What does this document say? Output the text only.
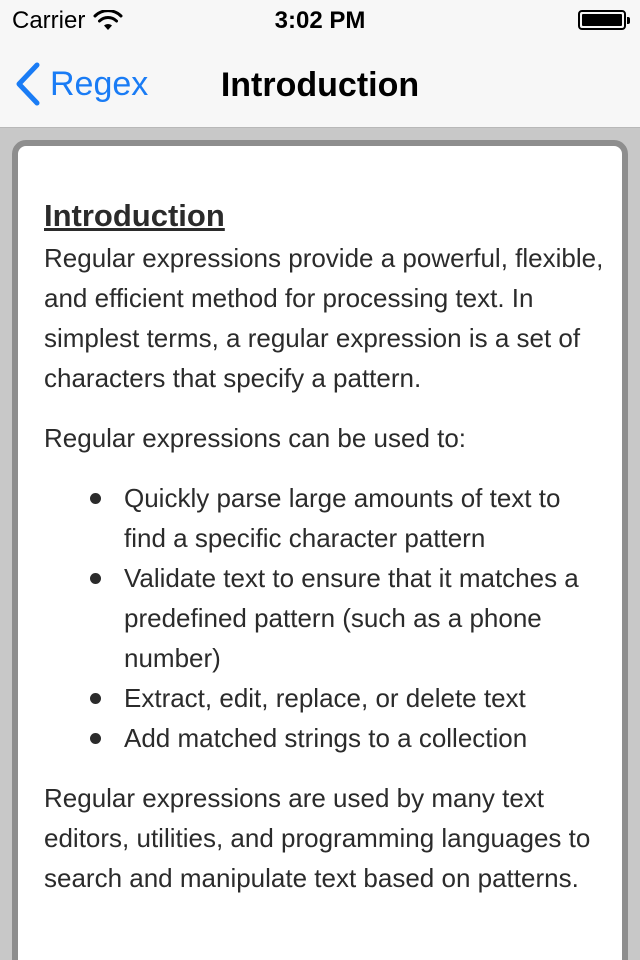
Carrier	3:02 PM
Regex	Introduction
Introduction

Regular expressions provide a powerful, flexible, and efficient method for processing text. In simplest terms, a regular expression is a set of characters that specify a pattern.

Regular expressions can be used to:

Quickly parse large amounts of text to find a specific character pattern
Validate text to ensure that it matches a predefined pattern (such as a phone number)
Extract, edit, replace, or delete text
Add matched strings to a collection

Regular expressions are used by many text editors, utilities, and programming languages to search and manipulate text based on patterns.
